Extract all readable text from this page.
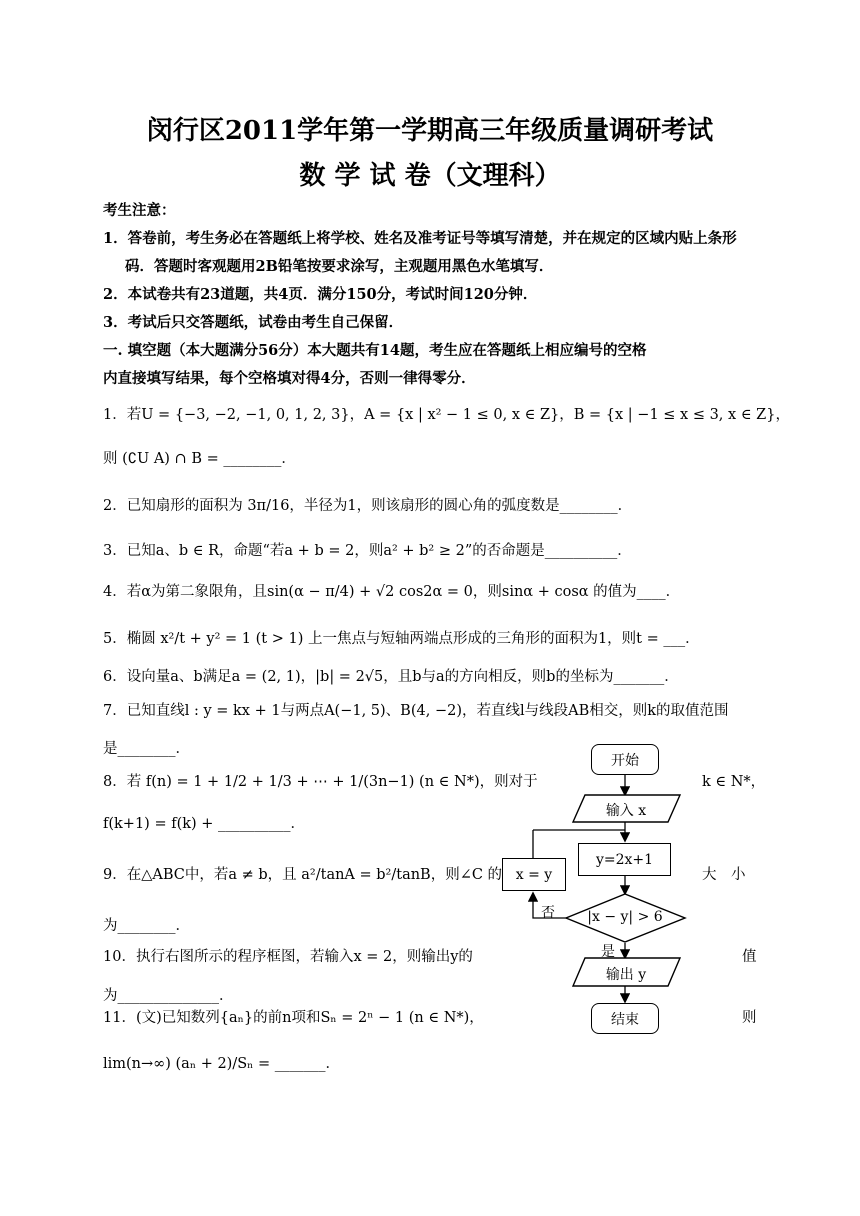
闵行区2011学年第一学期高三年级质量调研考试
数 学 试 卷（文理科）
考生注意：
1．答卷前，考生务必在答题纸上将学校、姓名及准考证号等填写清楚，并在规定的区域内贴上条形
码．答题时客观题用2B铅笔按要求涂写，主观题用黑色水笔填写．
2．本试卷共有23道题，共4页．满分150分，考试时间120分钟．
3．考试后只交答题纸，试卷由考生自己保留．
一. 填空题（本大题满分56分）本大题共有14题，考生应在答题纸上相应编号的空格
内直接填写结果，每个空格填对得4分，否则一律得零分．
1．若U = {−3, −2, −1, 0, 1, 2, 3}，A = {x | x² − 1 ≤ 0, x ∈ Z}，B = {x | −1 ≤ x ≤ 3, x ∈ Z}，
则 (∁U A) ∩ B = ________．
2．已知扇形的面积为 3π/16，半径为1，则该扇形的圆心角的弧度数是________．
3．已知a、b ∈ R，命题“若a + b = 2，则a² + b² ≥ 2”的否命题是__________．
4．若α为第二象限角，且sin(α − π/4) + √2 cos2α = 0，则sinα + cosα 的值为____．
5．椭圆 x²/t + y² = 1 (t > 1) 上一焦点与短轴两端点形成的三角形的面积为1，则t = ___．
6．设向量a、b满足a = (2, 1)，|b| = 2√5，且b与a的方向相反，则b的坐标为_______．
7．已知直线l : y = kx + 1与两点A(−1, 5)、B(4, −2)，若直线l与线段AB相交，则k的取值范围
是________．
8．若 f(n) = 1 + 1/2 + 1/3 + ⋯ + 1/(3n−1) (n ∈ N*)，则对于	k ∈ N*，
f(k+1) = f(k) + __________．
9．在△ABC中，若a ≠ b，且 a²/tanA = b²/tanB，则∠C 的	大　小
为________．
10．执行右图所示的程序框图，若输入x = 2，则输出y的	值
为______________．
11．(文)已知数列{aₙ}的前n项和Sₙ = 2ⁿ − 1 (n ∈ N*)，	则
lim(n→∞) (aₙ + 2)/Sₙ = _______．
开始
输入 x
y=2x+1
x = y
|x − y| > 6
否
是
输出 y
结束
